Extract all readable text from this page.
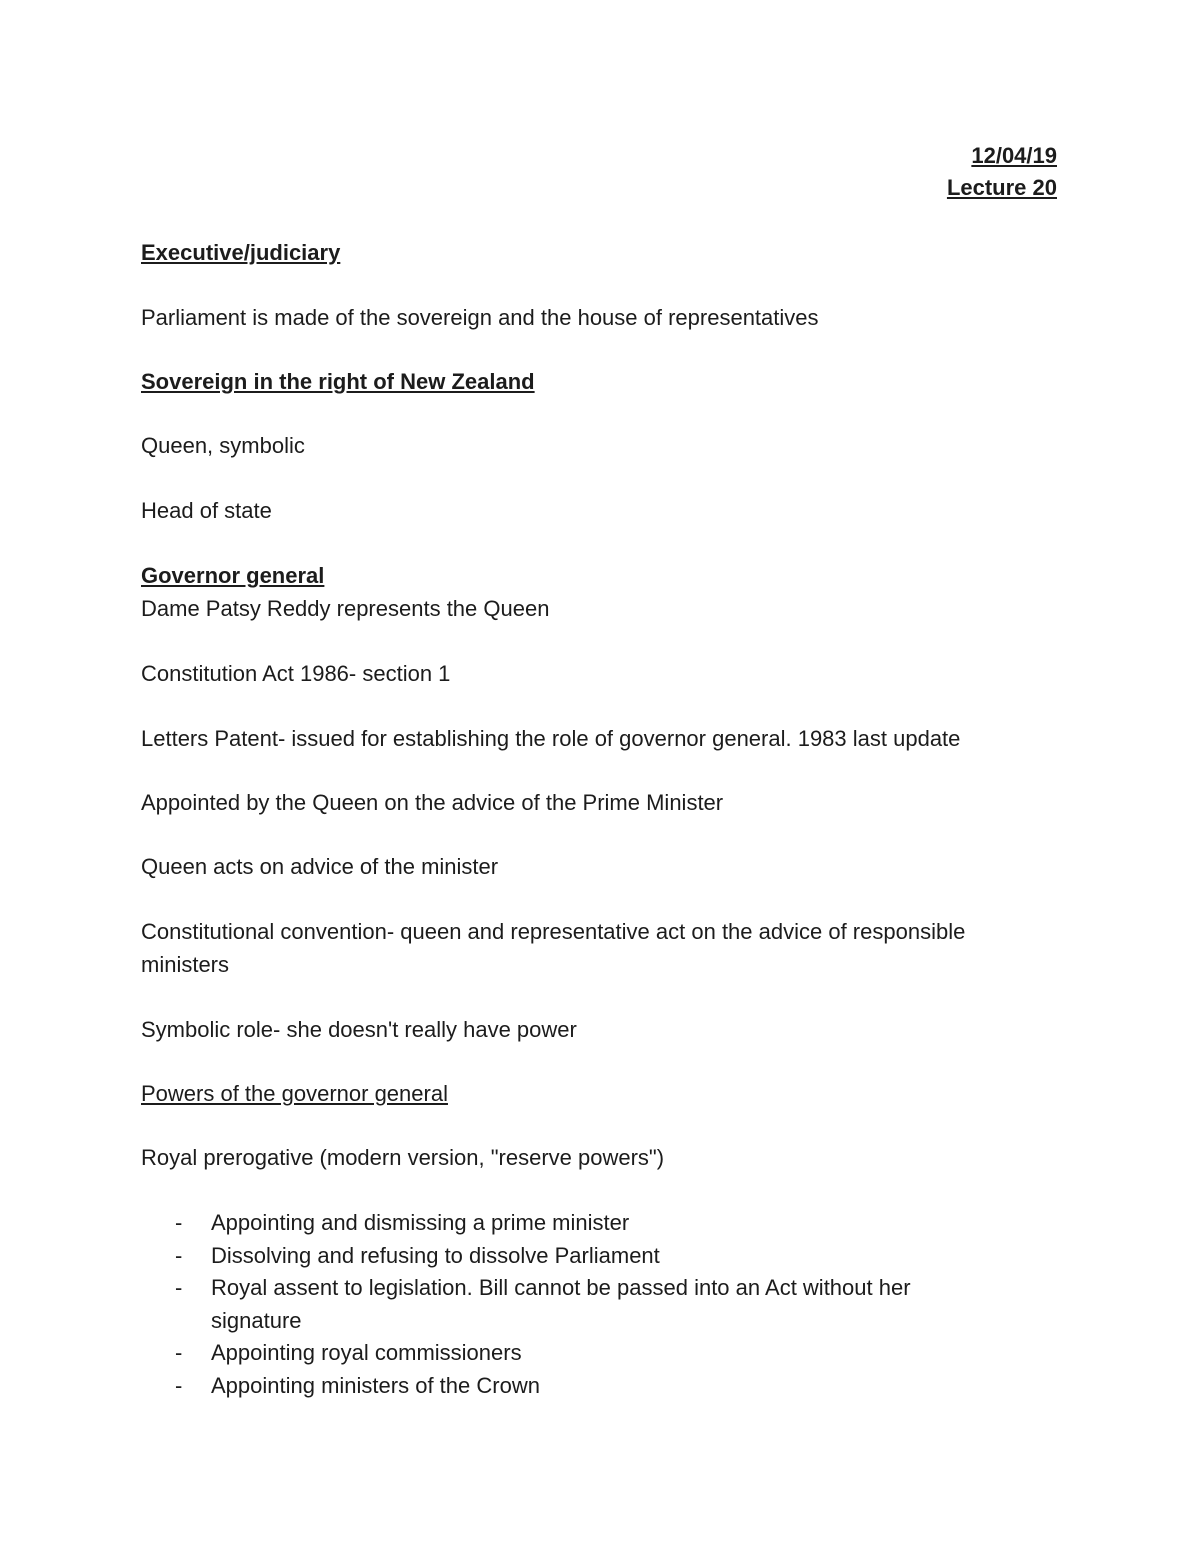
12/04/19
Lecture 20

Executive/judiciary

Parliament is made of the sovereign and the house of representatives

Sovereign in the right of New Zealand

Queen, symbolic

Head of state

Governor general

Dame Patsy Reddy represents the Queen

Constitution Act 1986- section 1

Letters Patent- issued for establishing the role of governor general. 1983 last update

Appointed by the Queen on the advice of the Prime Minister

Queen acts on advice of the minister

Constitutional convention- queen and representative act on the advice of responsible

ministers

Symbolic role- she doesn't really have power

Powers of the governor general

Royal prerogative (modern version, "reserve powers")

- Appointing and dismissing a prime minister
- Dissolving and refusing to dissolve Parliament
- Royal assent to legislation. Bill cannot be passed into an Act without her signature
- Appointing royal commissioners
- Appointing ministers of the Crown
